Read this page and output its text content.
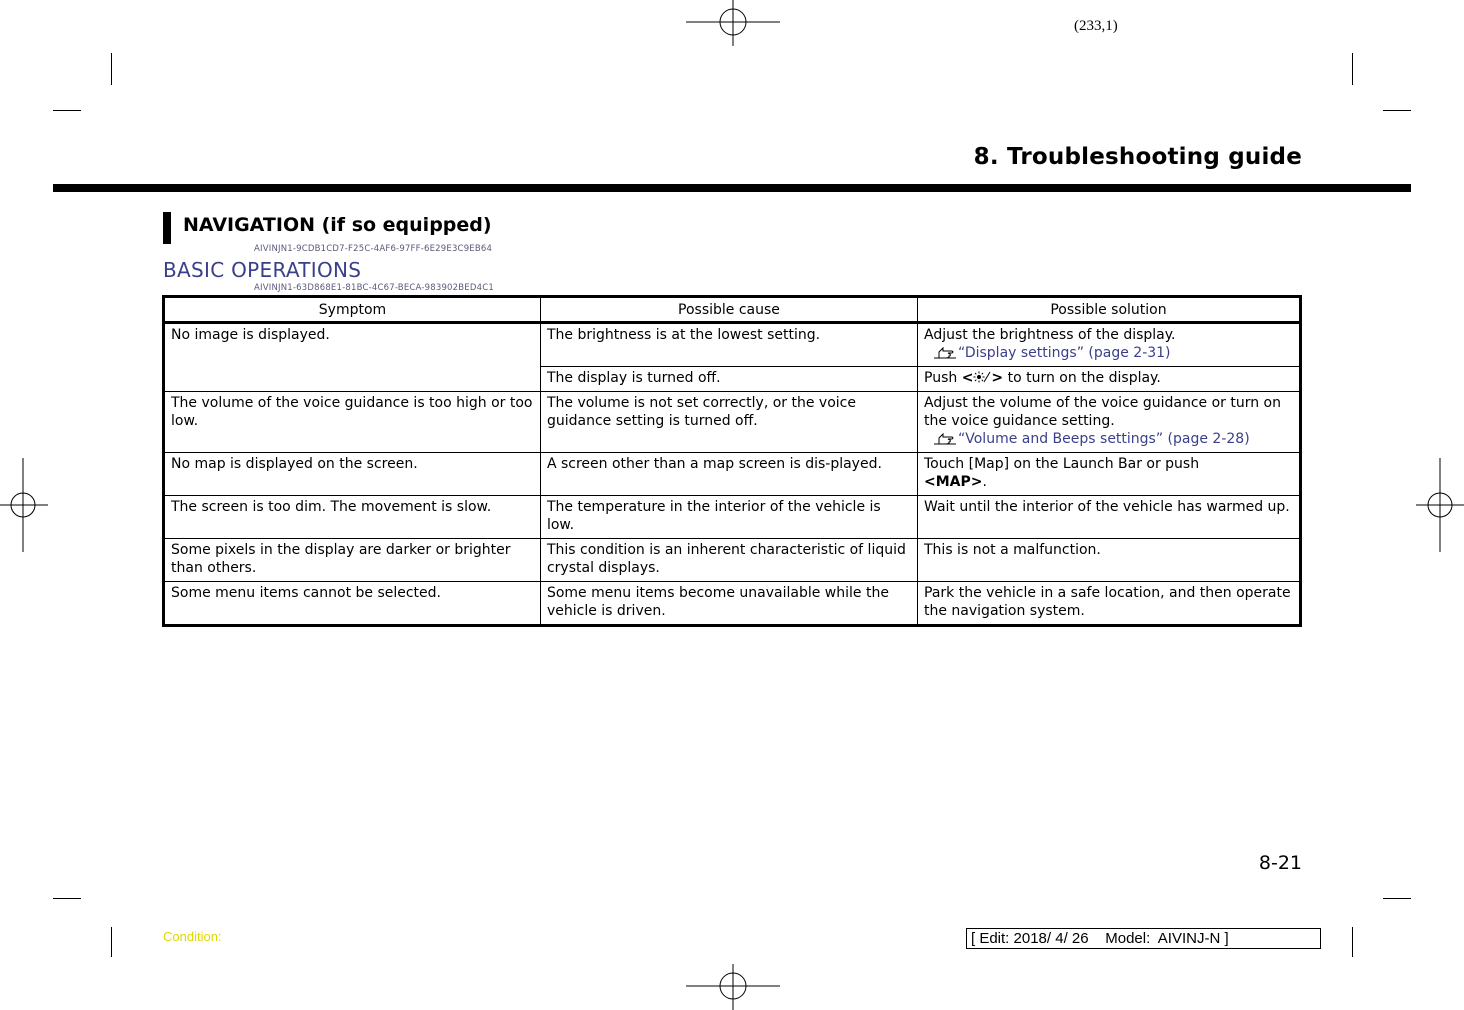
(233,1)
8. Troubleshooting guide
NAVIGATION (if so equipped)
AIVINJN1-9CDB1CD7-F25C-4AF6-97FF-6E29E3C9EB64
BASIC OPERATIONS
AIVINJN1-63D868E1-81BC-4C67-BECA-983902BED4C1
Symptom	Possible cause	Possible solution
No image is displayed.	The brightness is at the lowest setting.	Adjust the brightness of the display.
“Display settings” (page 2-31)

	The display is turned off.	Push < > to turn on the display.
The volume of the voice guidance is too high or too low.	The volume is not set correctly, or the voice guidance setting is turned off.	Adjust the volume of the voice guidance or turn on the voice guidance setting.
“Volume and Beeps settings” (page 2-28)

No map is displayed on the screen.	A screen other than a map screen is dis-played.	Touch [Map] on the Launch Bar or push
<MAP>.
The screen is too dim. The movement is slow.	The temperature in the interior of the vehicle is low.	Wait until the interior of the vehicle has warmed up.
Some pixels in the display are darker or brighter than others.	This condition is an inherent characteristic of liquid crystal displays.	This is not a malfunction.
Some menu items cannot be selected.	Some menu items become unavailable while the vehicle is driven.	Park the vehicle in a safe location, and then operate the navigation system.
8-21
Condition:	[ Edit: 2018/ 4/ 26    Model:  AIVINJ-N ]
